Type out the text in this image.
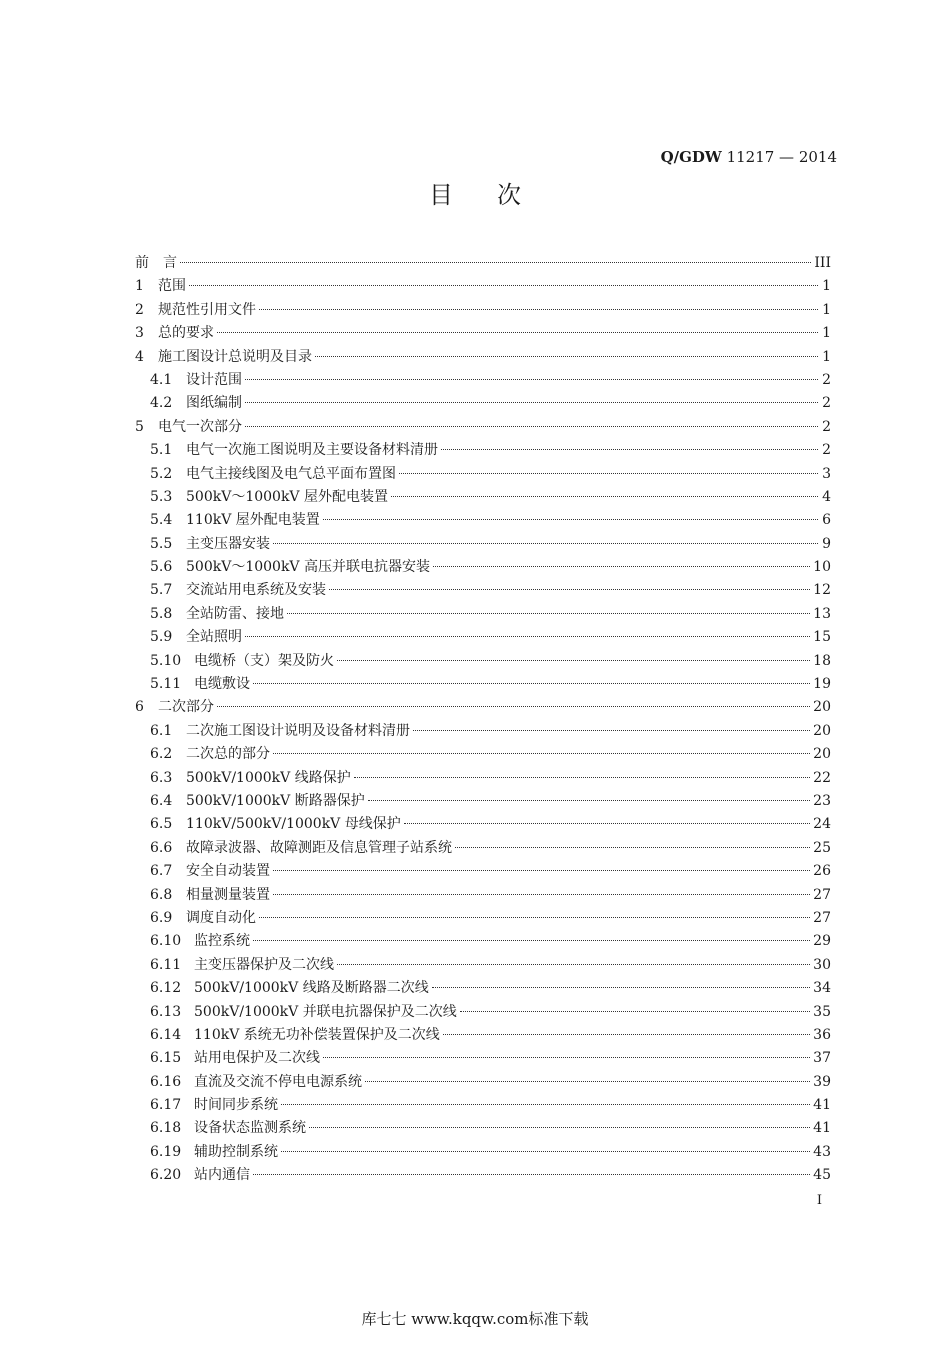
Q/GDW 11217 — 2014
目次
前　言	III
1	范围	1
2	规范性引用文件	1
3	总的要求	1
4	施工图设计总说明及目录	1
4.1 设计范围	2
4.2 图纸编制	2
5	电气一次部分	2
5.1 电气一次施工图说明及主要设备材料清册	2
5.2 电气主接线图及电气总平面布置图	3
5.3 500kV～1000kV 屋外配电装置	4
5.4 110kV 屋外配电装置	6
5.5 主变压器安装	9
5.6 500kV～1000kV 高压并联电抗器安装	10
5.7 交流站用电系统及安装	12
5.8 全站防雷、接地	13
5.9 全站照明	15
5.10 电缆桥（支）架及防火	18
5.11 电缆敷设	19
6	二次部分	20
6.1 二次施工图设计说明及设备材料清册	20
6.2 二次总的部分	20
6.3 500kV/1000kV 线路保护	22
6.4 500kV/1000kV 断路器保护	23
6.5 110kV/500kV/1000kV 母线保护	24
6.6 故障录波器、故障测距及信息管理子站系统	25
6.7 安全自动装置	26
6.8 相量测量装置	27
6.9 调度自动化	27
6.10 监控系统	29
6.11 主变压器保护及二次线	30
6.12 500kV/1000kV 线路及断路器二次线	34
6.13 500kV/1000kV 并联电抗器保护及二次线	35
6.14 110kV 系统无功补偿装置保护及二次线	36
6.15 站用电保护及二次线	37
6.16 直流及交流不停电电源系统	39
6.17 时间同步系统	41
6.18 设备状态监测系统	41
6.19 辅助控制系统	43
6.20 站内通信	45
I
库七七 www.kqqw.com标准下载
